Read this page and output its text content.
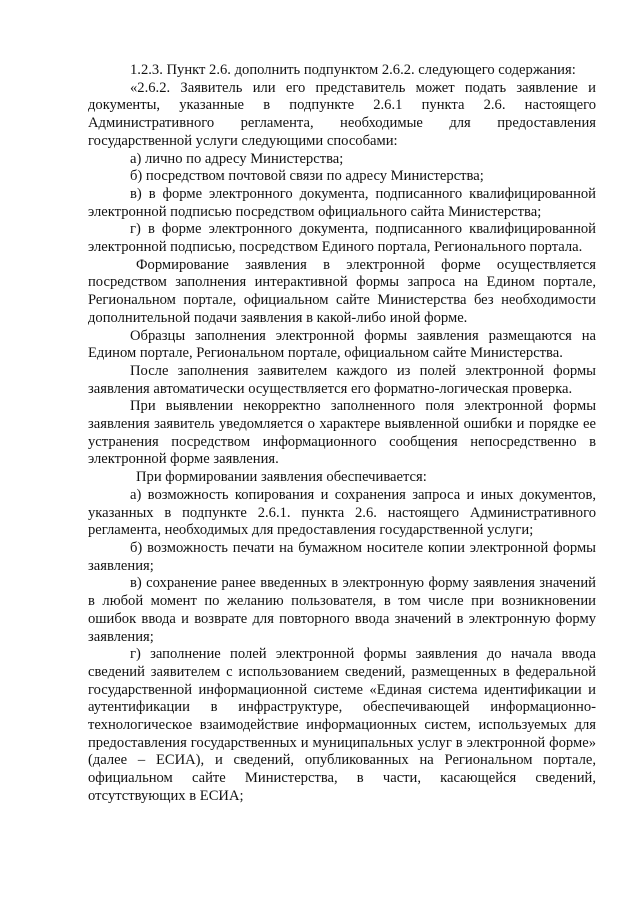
1.2.3. Пункт 2.6. дополнить подпунктом 2.6.2. следующего содержания:

«2.6.2. Заявитель или его представитель может подать заявление и документы, указанные в подпункте 2.6.1 пункта 2.6. настоящего Административного регламента, необходимые для предоставления государственной услуги следующими способами:

а) лично по адресу Министерства;

б) посредством почтовой связи по адресу Министерства;

в) в форме электронного документа, подписанного квалифицированной электронной подписью посредством официального сайта Министерства;

г) в форме электронного документа, подписанного квалифицированной электронной подписью, посредством Единого портала, Регионального портала.

Формирование заявления в электронной форме осуществляется посредством заполнения интерактивной формы запроса на Едином портале, Региональном портале, официальном сайте Министерства без необходимости дополнительной подачи заявления в какой-либо иной форме.

Образцы заполнения электронной формы заявления размещаются на Едином портале, Региональном портале, официальном сайте Министерства.

После заполнения заявителем каждого из полей электронной формы заявления автоматически осуществляется его форматно-логическая проверка.

При выявлении некорректно заполненного поля электронной формы заявления заявитель уведомляется о характере выявленной ошибки и порядке ее устранения посредством информационного сообщения непосредственно в электронной форме заявления.

При формировании заявления обеспечивается:

а) возможность копирования и сохранения запроса и иных документов, указанных в подпункте 2.6.1. пункта 2.6. настоящего Административного регламента, необходимых для предоставления государственной услуги;

б) возможность печати на бумажном носителе копии электронной формы заявления;

в) сохранение ранее введенных в электронную форму заявления значений в любой момент по желанию пользователя, в том числе при возникновении ошибок ввода и возврате для повторного ввода значений в электронную форму заявления;

г) заполнение полей электронной формы заявления до начала ввода сведений заявителем с использованием сведений, размещенных в федеральной государственной информационной системе «Единая система идентификации и аутентификации в инфраструктуре, обеспечивающей информационно-технологическое взаимодействие информационных систем, используемых для предоставления государственных и муниципальных услуг в электронной форме» (далее – ЕСИА), и сведений, опубликованных на Региональном портале, официальном сайте Министерства, в части, касающейся сведений, отсутствующих в ЕСИА;
